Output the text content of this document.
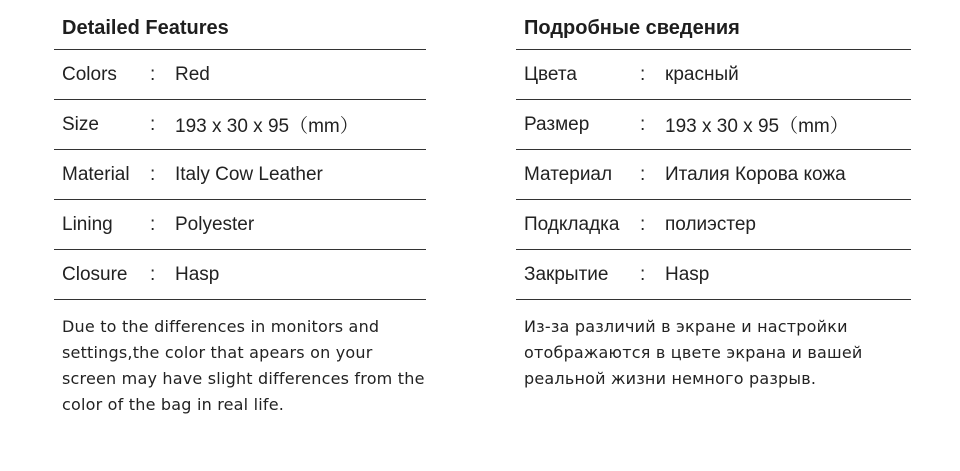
Detailed Features
Colors : Red
Size	: 193 x 30 x 95（mm）
Material : Italy Cow Leather
Lining : Polyester
Closure : Hasp
Due to the differences in monitors and
settings,the color that apears on your
screen may have slight differences from the
color of the bag in real life.
Подробные сведения
Цвета	: красный
Размер	: 193 x 30 x 95（mm）
Материал : Италия Корова кожа
Подкладка : полиэстер
Закрытие : Hasp
Из-за различий в экране и настройки
отображаются в цвете экрана и вашей
реальной жизни немного разрыв.
